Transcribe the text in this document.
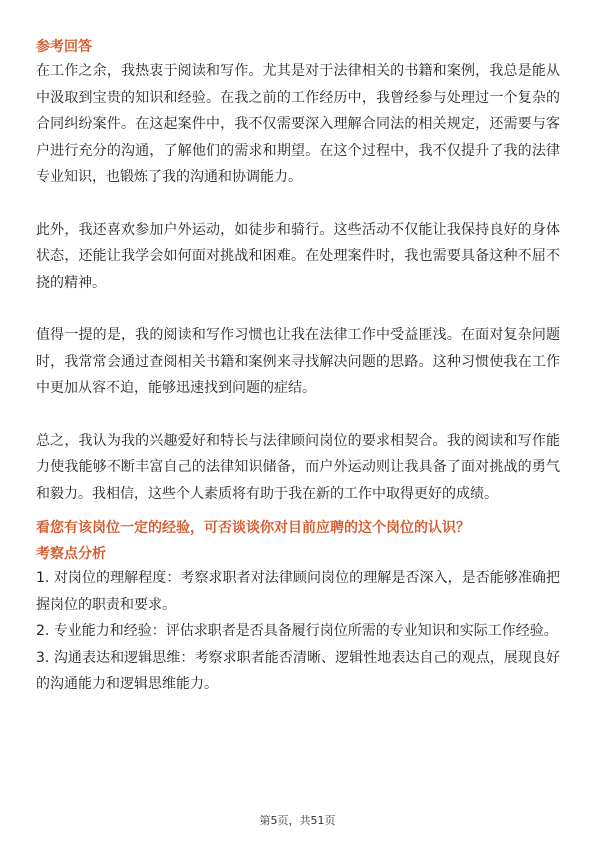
参考回答

在工作之余，我热衷于阅读和写作。尤其是对于法律相关的书籍和案例，我总是能从中汲取到宝贵的知识和经验。在我之前的工作经历中，我曾经参与处理过一个复杂的合同纠纷案件。在这起案件中，我不仅需要深入理解合同法的相关规定，还需要与客户进行充分的沟通，了解他们的需求和期望。在这个过程中，我不仅提升了我的法律专业知识，也锻炼了我的沟通和协调能力。

此外，我还喜欢参加户外运动，如徒步和骑行。这些活动不仅能让我保持良好的身体状态，还能让我学会如何面对挑战和困难。在处理案件时，我也需要具备这种不屈不挠的精神。

值得一提的是，我的阅读和写作习惯也让我在法律工作中受益匪浅。在面对复杂问题时，我常常会通过查阅相关书籍和案例来寻找解决问题的思路。这种习惯使我在工作中更加从容不迫，能够迅速找到问题的症结。

总之，我认为我的兴趣爱好和特长与法律顾问岗位的要求相契合。我的阅读和写作能力使我能够不断丰富自己的法律知识储备，而户外运动则让我具备了面对挑战的勇气和毅力。我相信，这些个人素质将有助于我在新的工作中取得更好的成绩。

看您有该岗位一定的经验，可否谈谈你对目前应聘的这个岗位的认识？

考察点分析

1. 对岗位的理解程度：考察求职者对法律顾问岗位的理解是否深入，是否能够准确把握岗位的职责和要求。

2. 专业能力和经验：评估求职者是否具备履行岗位所需的专业知识和实际工作经验。

3. 沟通表达和逻辑思维：考察求职者能否清晰、逻辑性地表达自己的观点，展现良好的沟通能力和逻辑思维能力。

第5页，共51页
